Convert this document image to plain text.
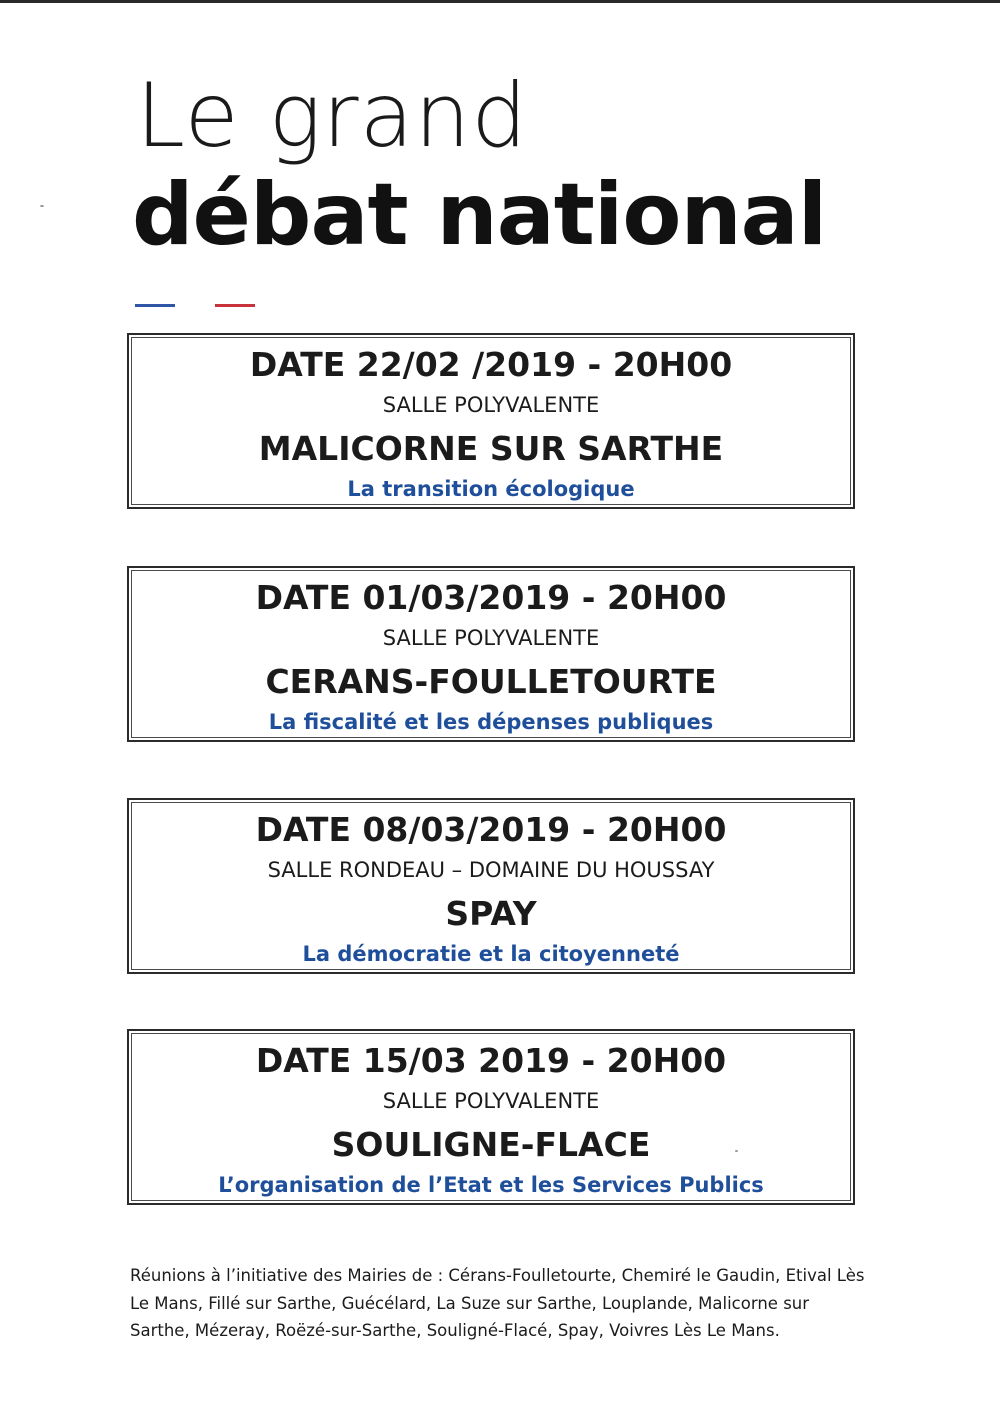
Le grand
débat national
DATE 22/02 /2019 - 20H00
SALLE POLYVALENTE
MALICORNE SUR SARTHE
La transition écologique
DATE 01/03/2019 - 20H00
SALLE POLYVALENTE
CERANS-FOULLETOURTE
La fiscalité et les dépenses publiques
DATE 08/03/2019 - 20H00
SALLE RONDEAU – DOMAINE DU HOUSSAY
SPAY
La démocratie et la citoyenneté
DATE 15/03 2019 - 20H00
SALLE POLYVALENTE
SOULIGNE-FLACE
L’organisation de l’Etat et les Services Publics
Réunions à l’initiative des Mairies de : Cérans-Foulletourte, Chemiré le Gaudin, Etival Lès Le Mans, Fillé sur Sarthe, Guécélard, La Suze sur Sarthe, Louplande, Malicorne sur Sarthe, Mézeray, Roëzé-sur-Sarthe, Souligné-Flacé, Spay, Voivres Lès Le Mans.
